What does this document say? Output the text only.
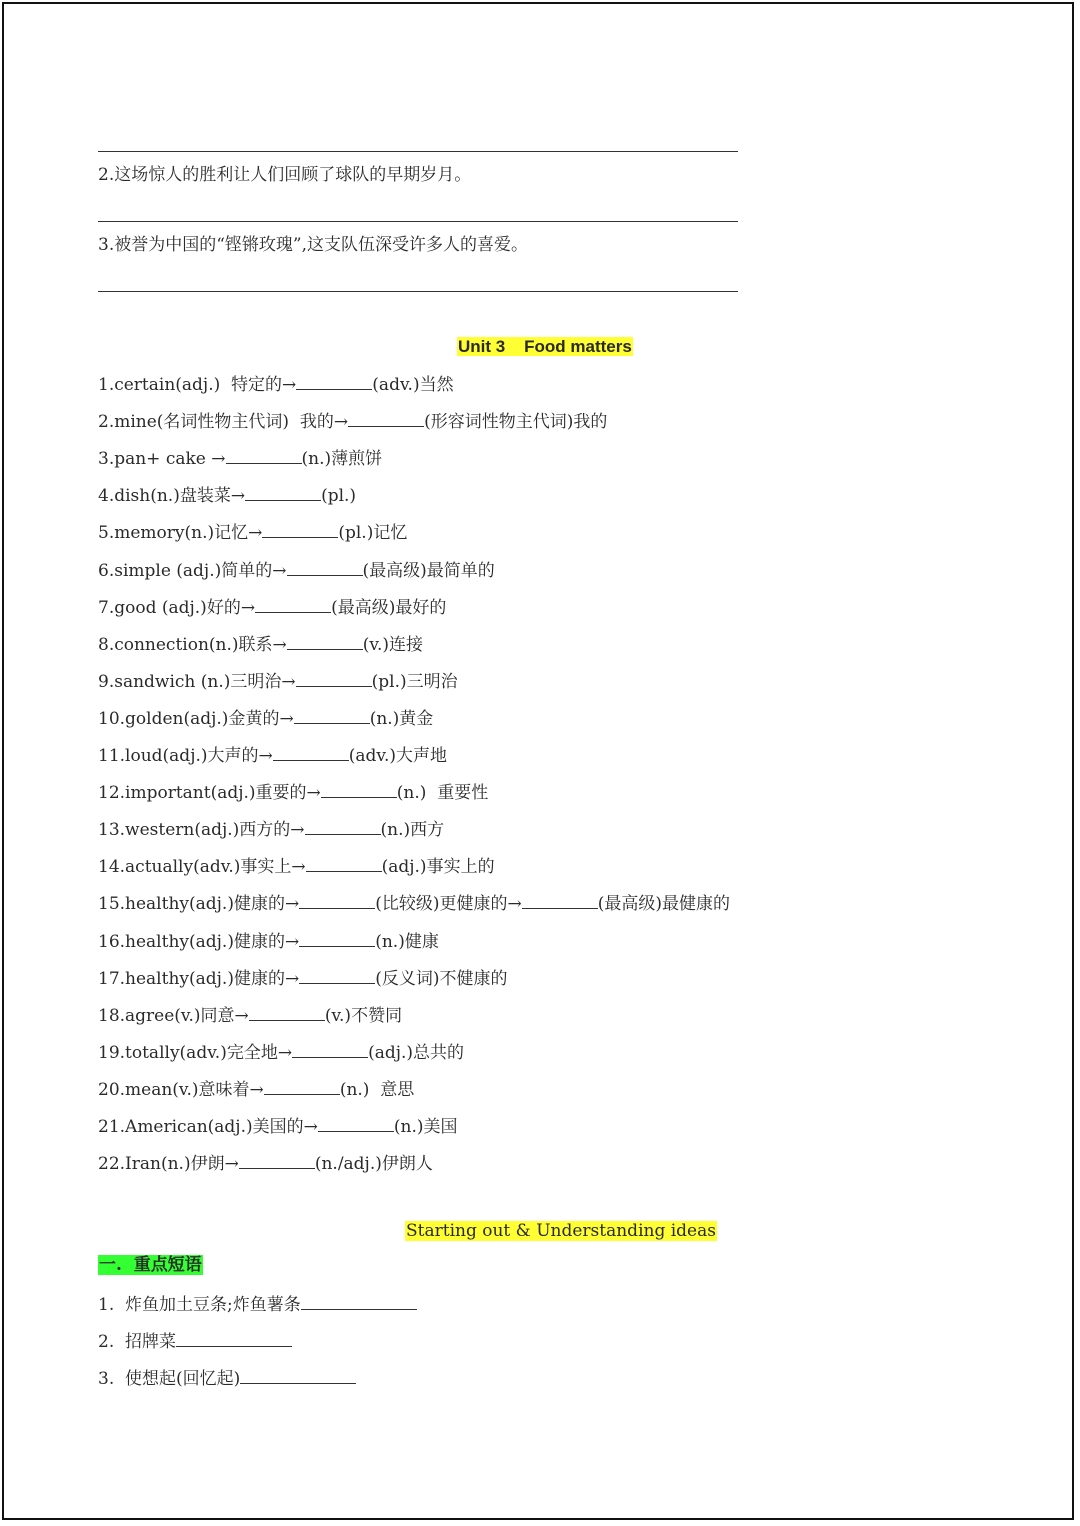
2.这场惊人的胜利让人们回顾了球队的早期岁月。
3.被誉为中国的“铿锵玫瑰”,这支队伍深受许多人的喜爱。
Unit 3    Food matters
1.certain(adj.)  特定的→	(adv.)当然
2.mine(名词性物主代词)  我的→	(形容词性物主代词)我的
3.pan+ cake →	(n.)薄煎饼
4.dish(n.)盘装菜→	(pl.)
5.memory(n.)记忆→	(pl.)记忆
6.simple (adj.)简单的→	(最高级)最简单的
7.good (adj.)好的→	(最高级)最好的
8.connection(n.)联系→	(v.)连接
9.sandwich (n.)三明治→	(pl.)三明治
10.golden(adj.)金黄的→	(n.)黄金
11.loud(adj.)大声的→	(adv.)大声地
12.important(adj.)重要的→	(n.)  重要性
13.western(adj.)西方的→	(n.)西方
14.actually(adv.)事实上→	(adj.)事实上的
15.healthy(adj.)健康的→	(比较级)更健康的→	(最高级)最健康的
16.healthy(adj.)健康的→	(n.)健康
17.healthy(adj.)健康的→	(反义词)不健康的
18.agree(v.)同意→	(v.)不赞同
19.totally(adv.)完全地→	(adj.)总共的
20.mean(v.)意味着→	(n.)  意思
21.American(adj.)美国的→	(n.)美国
22.Iran(n.)伊朗→	(n./adj.)伊朗人
Starting out & Understanding ideas
一.  重点短语
1.  炸鱼加土豆条;炸鱼薯条
2.  招牌菜
3.  使想起(回忆起)
